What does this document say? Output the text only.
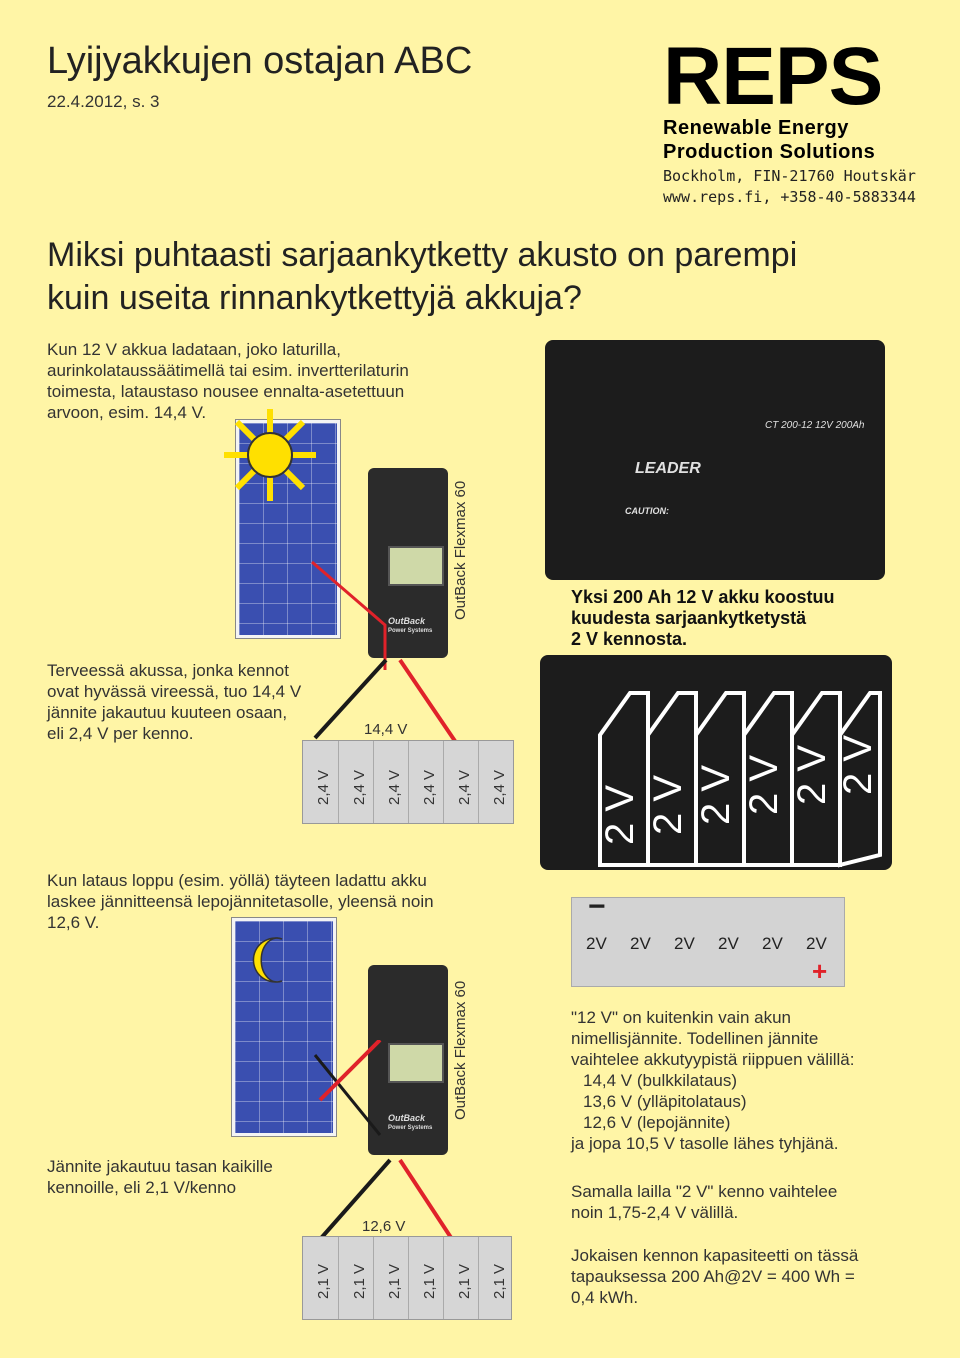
Lyijyakkujen ostajan ABC
22.4.2012, s. 3	REPS
Renewable Energy
Production Solutions
Bockholm, FIN-21760 Houtskär
www.reps.fi, +358-40-5883344
Miksi puhtaasti sarjaankytketty akusto on parempi
kuin useita rinnankytkettyjä akkuja?
Kun 12 V akkua ladataan, joko laturilla,
aurinkolataussäätimellä tai esim. invertterilaturin
toimesta, lataustaso nousee ennalta-asetettuun
arvoon, esim. 14,4 V.
OutBack
Power Systems
OutBack Flexmax 60
Terveessä akussa, jonka kennot
ovat hyvässä vireessä, tuo 14,4 V
jännite jakautuu kuuteen osaan,
eli 2,4 V per kenno.	14,4 V
2,4 V 2,4 V 2,4 V 2,4 V 2,4 V 2,4 V
LEADER
CT 200-12 12V 200Ah
CAUTION:
Yksi 200 Ah 12 V akku koostuu
kuudesta sarjaankytketystä
2 V kennosta.
2 V 2 V 2 V 2 V 2 V 2 V
Kun lataus loppu (esim. yöllä) täyteen ladattu akku
laskee jännitteensä lepojännitetasolle, yleensä noin
12,6 V.	−
2V 2V 2V 2V 2V 2V
+
OutBack
Power Systems
OutBack Flexmax 60
Jännite jakautuu tasan kaikille
kennoille, eli 2,1 V/kenno
12,6 V
2,1 V 2,1 V 2,1 V 2,1 V 2,1 V 2,1 V
"12 V" on kuitenkin vain akun
nimellisjännite. Todellinen jännite
vaihtelee akkutyypistä riippuen välillä:
14,4 V (bulkkilataus)
13,6 V (ylläpitolataus)
12,6 V (lepojännite)
ja jopa 10,5 V tasolle lähes tyhjänä.
Samalla lailla "2 V" kenno vaihtelee
noin 1,75-2,4 V välillä.
Jokaisen kennon kapasiteetti on tässä
tapauksessa 200 Ah@2V = 400 Wh =
0,4 kWh.
